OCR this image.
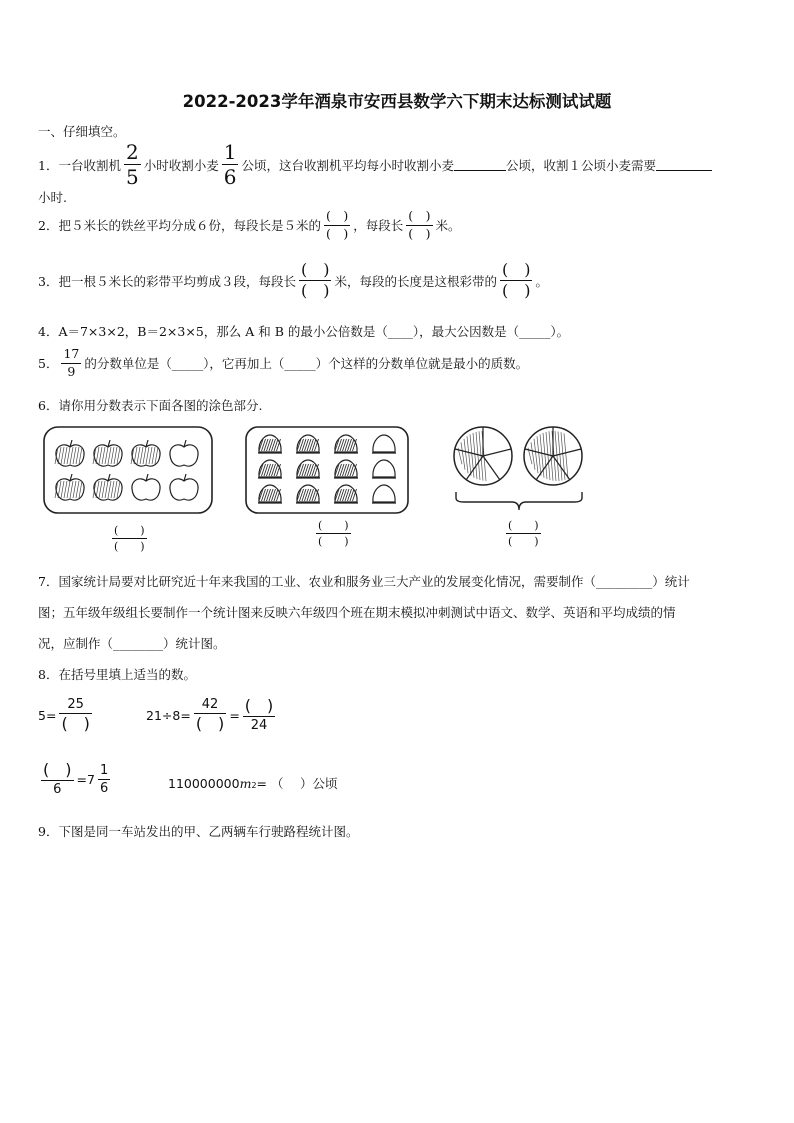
2022-2023学年酒泉市安西县数学六下期末达标测试试题
一、仔细填空。
1．一台收割机 $\frac{2}{5}$ 小时收割小麦 $\frac{1}{6}$ 公顷，这台收割机平均每小时收割小麦	公顷，收割１公顷小麦需要
小时.
2．把５米长的铁丝平均分成６份，每段长是５米的 $\frac{( )}{( )}$ ，每段长 $\frac{( )}{( )}$ 米。
3．把一根５米长的彩带平均剪成３段，每段长 $\frac{( )}{( )}$ 米，每段的长度是这根彩带的 $\frac{( )}{( )}$ 。
4．A＝7×3×2，B＝2×3×5，那么 A 和 B 的最小公倍数是（____），最大公因数是（_____）。
5． $\frac{17}{9}$ 的分数单位是（_____），它再加上（_____）个这样的分数单位就是最小的质数。
6．请你用分数表示下面各图的涂色部分.
(　　)
(　　)
(　　)
(　　)
(　　)
(　　)
7．国家统计局要对比研究近十年来我国的工业、农业和服务业三大产业的发展变化情况，需要制作（_________）统计
图；五年级年级组长要制作一个统计图来反映六年级四个班在期末模拟冲刺测试中语文、数学、英语和平均成绩的情
况，应制作（________）统计图。
8．在括号里填上适当的数。
$5= \frac{25}{( )}$	$21\div 8= \frac{42}{( )} = \frac{( )}{24}$
$\frac{( )}{6} =7 \frac{1}{6}$	110000000 m 2 = （　 ）公顷
9．下图是同一车站发出的甲、乙两辆车行驶路程统计图。
